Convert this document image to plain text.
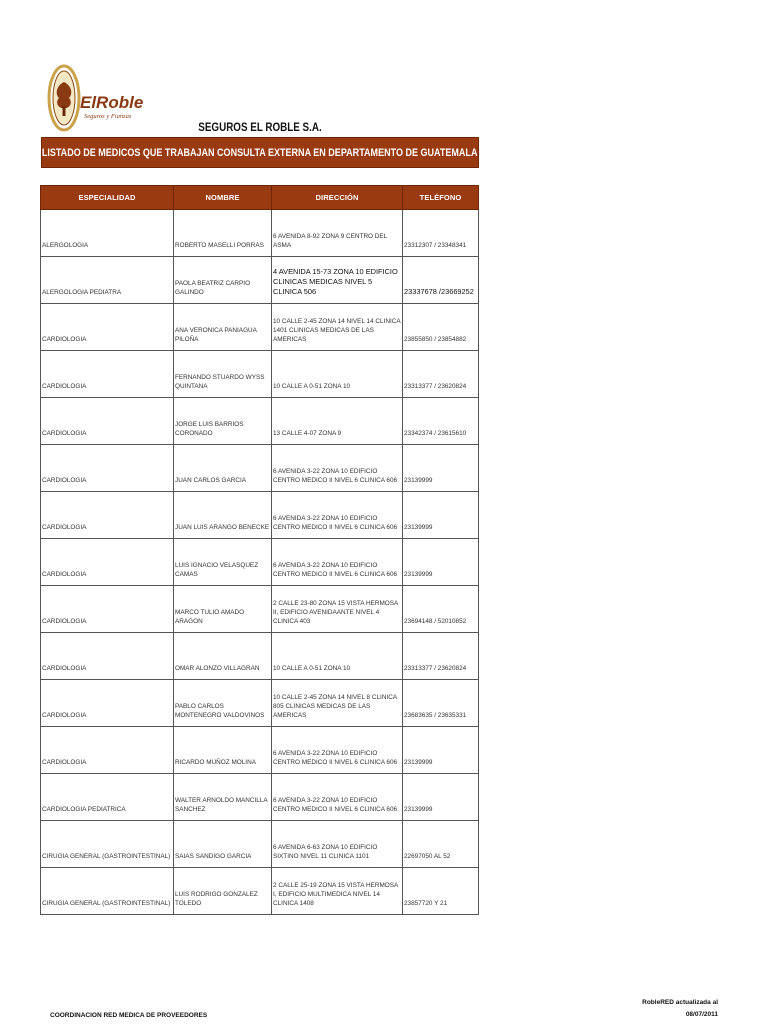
ElRoble
Seguros y Fianzas
SEGUROS EL ROBLE S.A.
LISTADO DE MEDICOS QUE TRABAJAN CONSULTA EXTERNA EN DEPARTAMENTO DE GUATEMALA
ESPECIALIDAD	NOMBRE	DIRECCIÓN	TELÉFONO
ALERGOLOGIA	ROBERTO MASELLI PORRAS	6 AVENIDA 8-92 ZONA 9 CENTRO DEL ASMA	23312307 / 23348341
ALERGOLOGIA PEDIATRA	PAOLA BEATRIZ CARPIO GALINDO	4 AVENIDA 15-73 ZONA 10 EDIFICIO CLINICAS MEDICAS NIVEL 5 CLINICA 506	23337678 /23669252
CARDIOLOGIA	ANA VERONICA PANIAGUA PILOÑA	10 CALLE 2-45 ZONA 14 NIVEL 14 CLINICA 1401 CLINICAS MEDICAS DE LAS AMERICAS	23855850 / 23854882
CARDIOLOGIA	FERNANDO STUARDO WYSS QUINTANA	10 CALLE A 0-51 ZONA 10	23313377 / 23620824
CARDIOLOGIA	JORGE LUIS BARRIOS CORONADO	13 CALLE 4-07 ZONA 9	23342374 / 23615610
CARDIOLOGIA	JUAN CARLOS GARCIA	6 AVENIDA 3-22 ZONA 10 EDIFICIO CENTRO MEDICO II NIVEL 6 CLINICA 606	23139999
CARDIOLOGIA	JUAN LUIS ARANGO BENECKE	6 AVENIDA 3-22 ZONA 10 EDIFICIO CENTRO MEDICO II NIVEL 6 CLINICA 606	23139999
CARDIOLOGIA	LUIS IGNACIO VELASQUEZ CAMAS	6 AVENIDA 3-22 ZONA 10 EDIFICIO CENTRO MEDICO II NIVEL 6 CLINICA 606	23139999
CARDIOLOGIA	MARCO TULIO AMADO ARAGON	2 CALLE 23-80 ZONA 15 VISTA HERMOSA II, EDIFICIO AVENIDAANTE NIVEL 4 CLINICA 403	23694148 / 52010852
CARDIOLOGIA	OMAR ALONZO VILLAGRAN	10 CALLE A 0-51 ZONA 10	23313377 / 23620824
CARDIOLOGIA	PABLO CARLOS MONTENEGRO VALDOVINOS	10 CALLE 2-45 ZONA 14 NIVEL 8 CLINICA 805 CLINICAS MEDICAS DE LAS AMERICAS	23683635 / 23635331
CARDIOLOGIA	RICARDO MUÑOZ MOLINA	6 AVENIDA 3-22 ZONA 10 EDIFICIO CENTRO MEDICO II NIVEL 6 CLINICA 606	23139999
CARDIOLOGIA PEDIATRICA	WALTER ARNOLDO MANCILLA SANCHEZ	6 AVENIDA 3-22 ZONA 10 EDIFICIO CENTRO MEDICO II NIVEL 6 CLINICA 606	23139999
CIRUGIA GENERAL (GASTROINTESTINAL)	SAIAS SANDIGO GARCIA	6 AVENIDA 6-63 ZONA 10 EDIFICIO SIXTINO NIVEL 11 CLINICA 1101	22697050 AL 52
CIRUGIA GENERAL (GASTROINTESTINAL)	LUIS RODRIGO GONZALEZ TOLEDO	2 CALLE 25-19 ZONA 15 VISTA HERMOSA I, EDIFICIO MULTIMEDICA NIVEL 14 CLINICA 1408	23857720 Y 21
COORDINACION RED MEDICA DE PROVEEDORES
RobleRED actualizada al
08/07/2011
